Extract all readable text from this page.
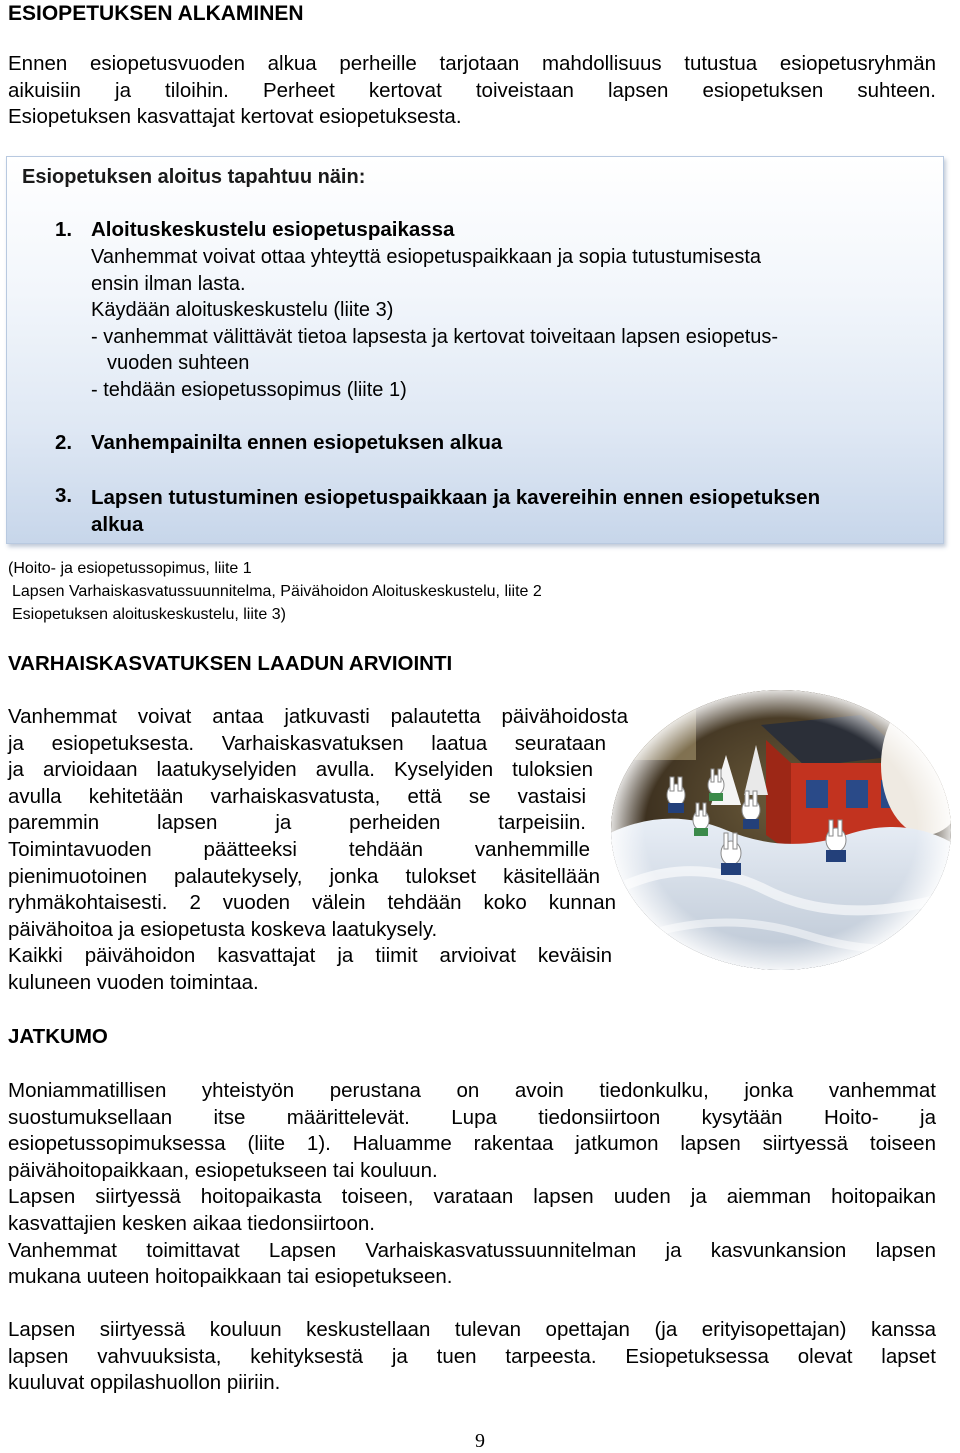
ESIOPETUKSEN ALKAMINEN
Ennen esiopetusvuoden alkua perheille tarjotaan mahdollisuus tutustua esiopetusryhmän
aikuisiin ja tiloihin. Perheet kertovat toiveistaan lapsen esiopetuksen suhteen.
Esiopetuksen kasvattajat kertovat esiopetuksesta.
Esiopetuksen aloitus tapahtuu näin:
1. Aloituskeskustelu esiopetuspaikassa
Vanhemmat voivat ottaa yhteyttä esiopetuspaikkaan ja sopia tutustumisesta
ensin ilman lasta.
Käydään aloituskeskustelu (liite 3)
- vanhemmat välittävät tietoa lapsesta ja kertovat toiveitaan lapsen esiopetus-
vuoden suhteen
- tehdään esiopetussopimus (liite 1)
2. Vanhempainilta ennen esiopetuksen alkua
3. Lapsen tutustuminen esiopetuspaikkaan ja kavereihin ennen esiopetuksen
alkua
(Hoito- ja esiopetussopimus, liite 1
Lapsen Varhaiskasvatussuunnitelma, Päivähoidon Aloituskeskustelu, liite 2
Esiopetuksen aloituskeskustelu, liite 3)
VARHAISKASVATUKSEN LAADUN ARVIOINTI
Vanhemmat voivat antaa jatkuvasti palautetta päivähoidosta
ja esiopetuksesta. Varhaiskasvatuksen laatua seurataan
ja arvioidaan laatukyselyiden avulla. Kyselyiden tuloksien
avulla kehitetään varhaiskasvatusta, että se vastaisi
paremmin lapsen ja perheiden tarpeisiin.
Toimintavuoden päätteeksi tehdään vanhemmille
pienimuotoinen palautekysely, jonka tulokset käsitellään
ryhmäkohtaisesti. 2 vuoden välein tehdään koko kunnan
päivähoitoa ja esiopetusta koskeva laatukysely.
Kaikki päivähoidon kasvattajat ja tiimit arvioivat keväisin
kuluneen vuoden toimintaa.
JATKUMO
Moniammatillisen yhteistyön perustana on avoin tiedonkulku, jonka vanhemmat
suostumuksellaan itse määrittelevät. Lupa tiedonsiirtoon kysytään Hoito- ja
esiopetussopimuksessa (liite 1). Haluamme rakentaa jatkumon lapsen siirtyessä toiseen
päivähoitopaikkaan, esiopetukseen tai kouluun.
Lapsen siirtyessä hoitopaikasta toiseen, varataan lapsen uuden ja aiemman hoitopaikan
kasvattajien kesken aikaa tiedonsiirtoon.
Vanhemmat toimittavat Lapsen Varhaiskasvatussuunnitelman ja kasvunkansion lapsen
mukana uuteen hoitopaikkaan tai esiopetukseen.
Lapsen siirtyessä kouluun keskustellaan tulevan opettajan (ja erityisopettajan) kanssa
lapsen vahvuuksista, kehityksestä ja tuen tarpeesta. Esiopetuksessa olevat lapset
kuuluvat oppilashuollon piiriin.
9
